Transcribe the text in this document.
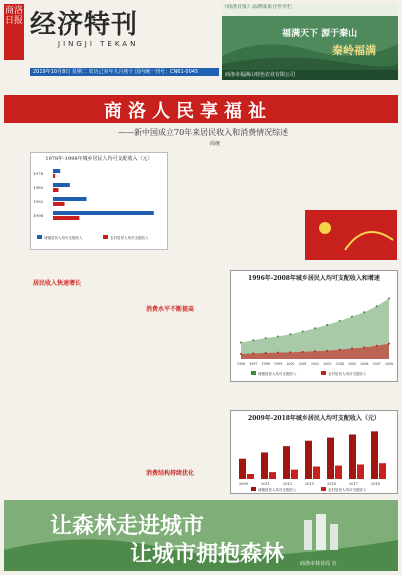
商洛日报 经济特刊
JINGJI TEKAN
2019年10月8日 星期二 农历己亥年九月初十 国内统一刊号：CN61-0045
《商洛日报》品牌成果合作专栏
福满天下 源于秦山
秦岭福满
商洛市福满山特色农业有限公司
商洛人民享福祉
——新中国成立70年来居民收入和消费情况综述
商统
1978年-1998年城乡居民人均可支配收入（元）
1978
1985
1992
1998
城镇居民人均可支配收入	农村居民人均可支配收入
居民收入快速增长
消费水平不断提高
消费结构持续优化
1996年-2008年城乡居民人均可支配收入和增速
1996 1997 1998 1999 2000 2001 2002 2003 2004 2005 2006 2007 2008
城镇居民人均可支配收入	农村居民人均可支配收入
2009年-2018年城乡居民人均可支配收入（元）
2009	2011	2013	2015	2016	2017	2018
城镇居民人均可支配收入	农村居民人均可支配收入
让森林走进城市
让城市拥抱森林	商洛市林业局 宣
